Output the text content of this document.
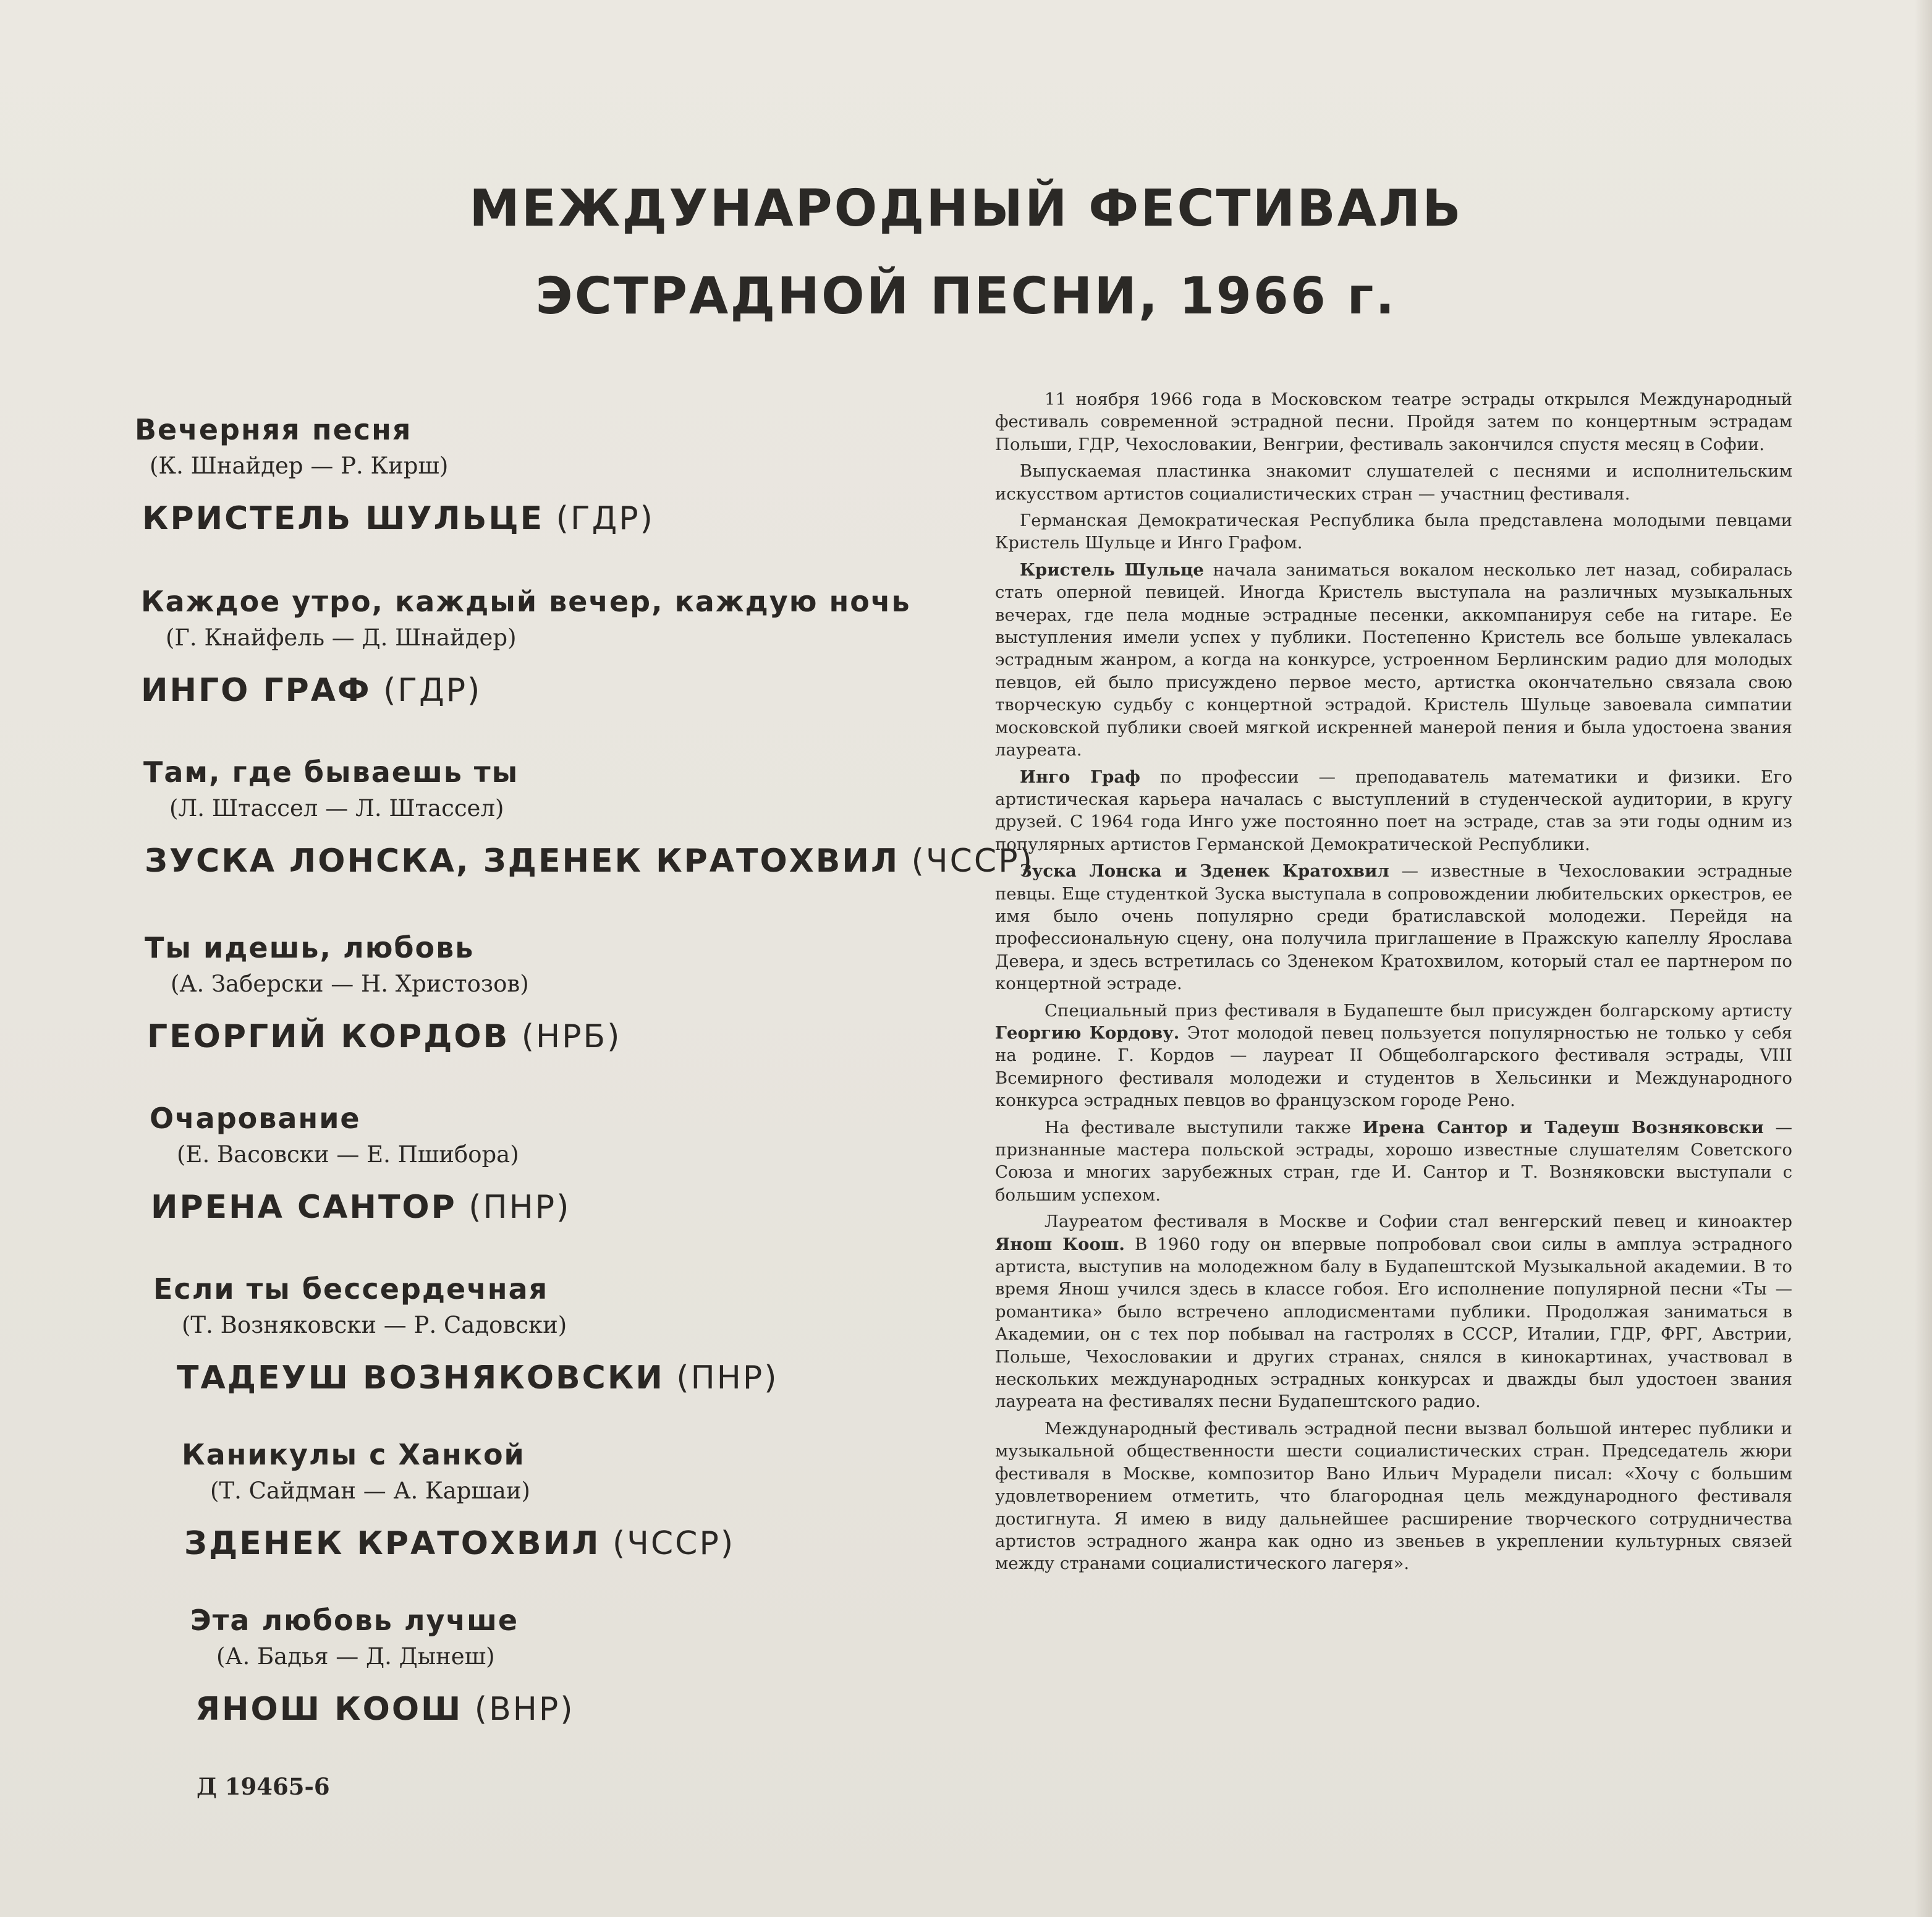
МЕЖДУНАРОДНЫЙ ФЕСТИВАЛЬ
ЭСТРАДНОЙ ПЕСНИ, 1966 г.

Вечерняя песня

(К. Шнайдер — Р. Кирш)

КРИСТЕЛЬ ШУЛЬЦЕ (ГДР)

Каждое утро, каждый вечер, каждую ночь

(Г. Кнайфель — Д. Шнайдер)

ИНГО ГРАФ (ГДР)

Там, где бываешь ты

(Л. Штассел — Л. Штассел)

ЗУСКА ЛОНСКА, ЗДЕНЕК КРАТОХВИЛ (ЧССР)

Ты идешь, любовь

(А. Заберски — Н. Христозов)

ГЕОРГИЙ КОРДОВ (НРБ)

Очарование

(Е. Васовски — Е. Пшибора)

ИРЕНА САНТОР (ПНР)

Если ты бессердечная

(Т. Возняковски — Р. Садовски)

ТАДЕУШ ВОЗНЯКОВСКИ (ПНР)

Каникулы с Ханкой

(Т. Сайдман — А. Каршаи)

ЗДЕНЕК КРАТОХВИЛ (ЧССР)

Эта любовь лучше

(А. Бадья — Д. Дынеш)

ЯНОШ КООШ (ВНР)

Д 19465-6

11 ноября 1966 года в Московском театре эстрады открылся Международный фестиваль современной эстрадной песни. Пройдя затем по концертным эстрадам Польши, ГДР, Чехословакии, Венгрии, фестиваль закончился спустя месяц в Софии.

Выпускаемая пластинка знакомит слушателей с песнями и исполнительским искусством артистов социалистических стран — участниц фестиваля.

Германская Демократическая Республика была представлена молодыми певцами Кристель Шульце и Инго Графом.

Кристель Шульце начала заниматься вокалом несколько лет назад, собиралась стать оперной певицей. Иногда Кристель выступала на различных музыкальных вечерах, где пела модные эстрадные песенки, аккомпанируя себе на гитаре. Ее выступления имели успех у публики. Постепенно Кристель все больше увлекалась эстрадным жанром, а когда на конкурсе, устроенном Берлинским радио для молодых певцов, ей было присуждено первое место, артистка окончательно связала свою творческую судьбу с концертной эстрадой. Кристель Шульце завоевала симпатии московской публики своей мягкой искренней манерой пения и была удостоена звания лауреата.

Инго Граф по профессии — преподаватель математики и физики. Его артистическая карьера началась с выступлений в студенческой аудитории, в кругу друзей. С 1964 года Инго уже постоянно поет на эстраде, став за эти годы одним из популярных артистов Германской Демократической Республики.

Зуска Лонска и Зденек Кратохвил — известные в Чехословакии эстрадные певцы. Еще студенткой Зуска выступала в сопровождении любительских оркестров, ее имя было очень популярно среди братиславской молодежи. Перейдя на профессиональную сцену, она получила приглашение в Пражскую капеллу Ярослава Девера, и здесь встретилась со Зденеком Кратохвилом, который стал ее партнером по концертной эстраде.

Специальный приз фестиваля в Будапеште был присужден болгарскому артисту Георгию Кордову. Этот молодой певец пользуется популярностью не только у себя на родине. Г. Кордов — лауреат II Общеболгарского фестиваля эстрады, VIII Всемирного фестиваля молодежи и студентов в Хельсинки и Международного конкурса эстрадных певцов во французском городе Рено.

На фестивале выступили также Ирена Сантор и Тадеуш Возняковски — признанные мастера польской эстрады, хорошо известные слушателям Советского Союза и многих зарубежных стран, где И. Сантор и Т. Возняковски выступали с большим успехом.

Лауреатом фестиваля в Москве и Софии стал венгерский певец и киноактер Янош Коош. В 1960 году он впервые попробовал свои силы в амплуа эстрадного артиста, выступив на молодежном балу в Будапештской Музыкальной академии. В то время Янош учился здесь в классе гобоя. Его исполнение популярной песни «Ты — романтика» было встречено аплодисментами публики. Продолжая заниматься в Академии, он с тех пор побывал на гастролях в СССР, Италии, ГДР, ФРГ, Австрии, Польше, Чехословакии и других странах, снялся в кинокартинах, участвовал в нескольких международных эстрадных конкурсах и дважды был удостоен звания лауреата на фестивалях песни Будапештского радио.

Международный фестиваль эстрадной песни вызвал большой интерес публики и музыкальной общественности шести социалистических стран. Председатель жюри фестиваля в Москве, композитор Вано Ильич Мурадели писал: «Хочу с большим удовлетворением отметить, что благородная цель международного фестиваля достигнута. Я имею в виду дальнейшее расширение творческого сотрудничества артистов эстрадного жанра как одно из звеньев в укреплении культурных связей между странами социалистического лагеря».
